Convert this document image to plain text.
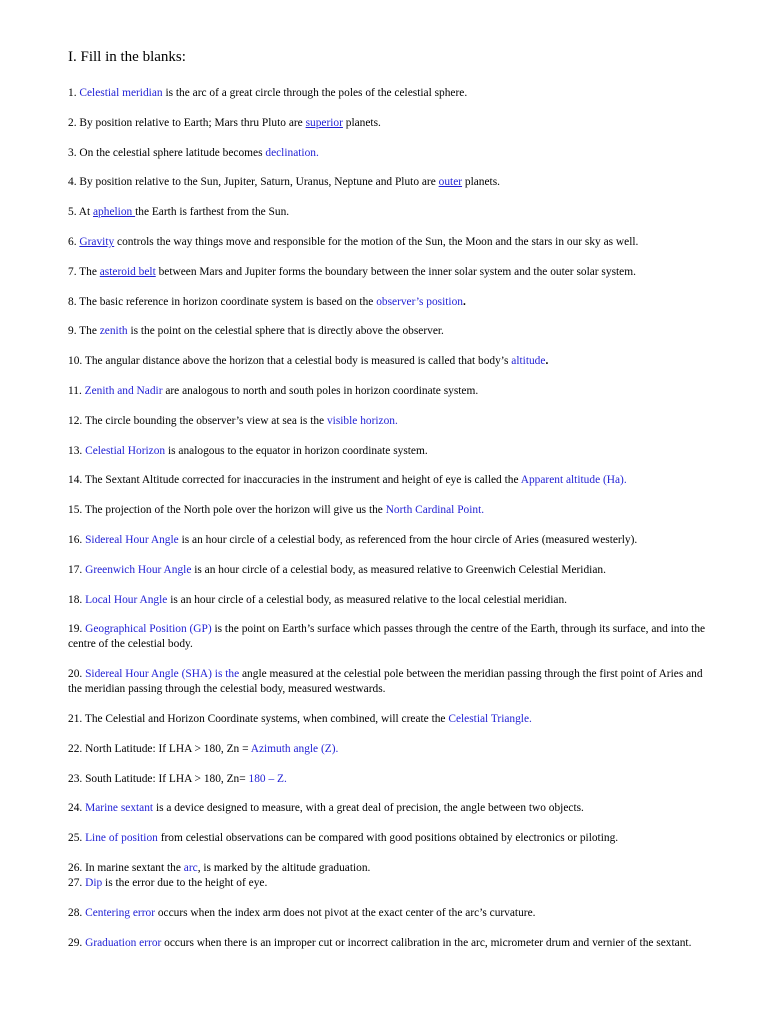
I. Fill in the blanks:
1. Celestial meridian is the arc of a great circle through the poles of the celestial sphere.
2. By position relative to Earth; Mars thru Pluto are superior planets.
3. On the celestial sphere latitude becomes declination.
4. By position relative to the Sun, Jupiter, Saturn, Uranus, Neptune and Pluto are outer planets.
5. At aphelion the Earth is farthest from the Sun.
6. Gravity controls the way things move and responsible for the motion of the Sun, the Moon and the stars in our sky as well.
7. The asteroid belt between Mars and Jupiter forms the boundary between the inner solar system and the outer solar system.
8. The basic reference in horizon coordinate system is based on the observer’s position.
9. The zenith is the point on the celestial sphere that is directly above the observer.
10. The angular distance above the horizon that a celestial body is measured is called that body’s altitude.
11. Zenith and Nadir are analogous to north and south poles in horizon coordinate system.
12. The circle bounding the observer’s view at sea is the visible horizon.
13. Celestial Horizon is analogous to the equator in horizon coordinate system.
14. The Sextant Altitude corrected for inaccuracies in the instrument and height of eye is called the Apparent altitude (Ha).
15. The projection of the North pole over the horizon will give us the North Cardinal Point.
16. Sidereal Hour Angle is an hour circle of a celestial body, as referenced from the hour circle of Aries (measured westerly).
17. Greenwich Hour Angle is an hour circle of a celestial body, as measured relative to Greenwich Celestial Meridian.
18. Local Hour Angle is an hour circle of a celestial body, as measured relative to the local celestial meridian.
19. Geographical Position (GP) is the point on Earth’s surface which passes through the centre of the Earth, through its surface, and into the centre of the celestial body.
20. Sidereal Hour Angle (SHA) is the angle measured at the celestial pole between the meridian passing through the first point of Aries and the meridian passing through the celestial body, measured westwards.
21. The Celestial and Horizon Coordinate systems, when combined, will create the Celestial Triangle.
22. North Latitude: If LHA > 180, Zn = Azimuth angle (Z).
23. South Latitude: If LHA > 180, Zn= 180 – Z.
24. Marine sextant is a device designed to measure, with a great deal of precision, the angle between two objects.
25. Line of position from celestial observations can be compared with good positions obtained by electronics or piloting.
26. In marine sextant the arc, is marked by the altitude graduation.
27. Dip is the error due to the height of eye.
28. Centering error occurs when the index arm does not pivot at the exact center of the arc’s curvature.
29. Graduation error occurs when there is an improper cut or incorrect calibration in the arc, micrometer drum and vernier of the sextant.
